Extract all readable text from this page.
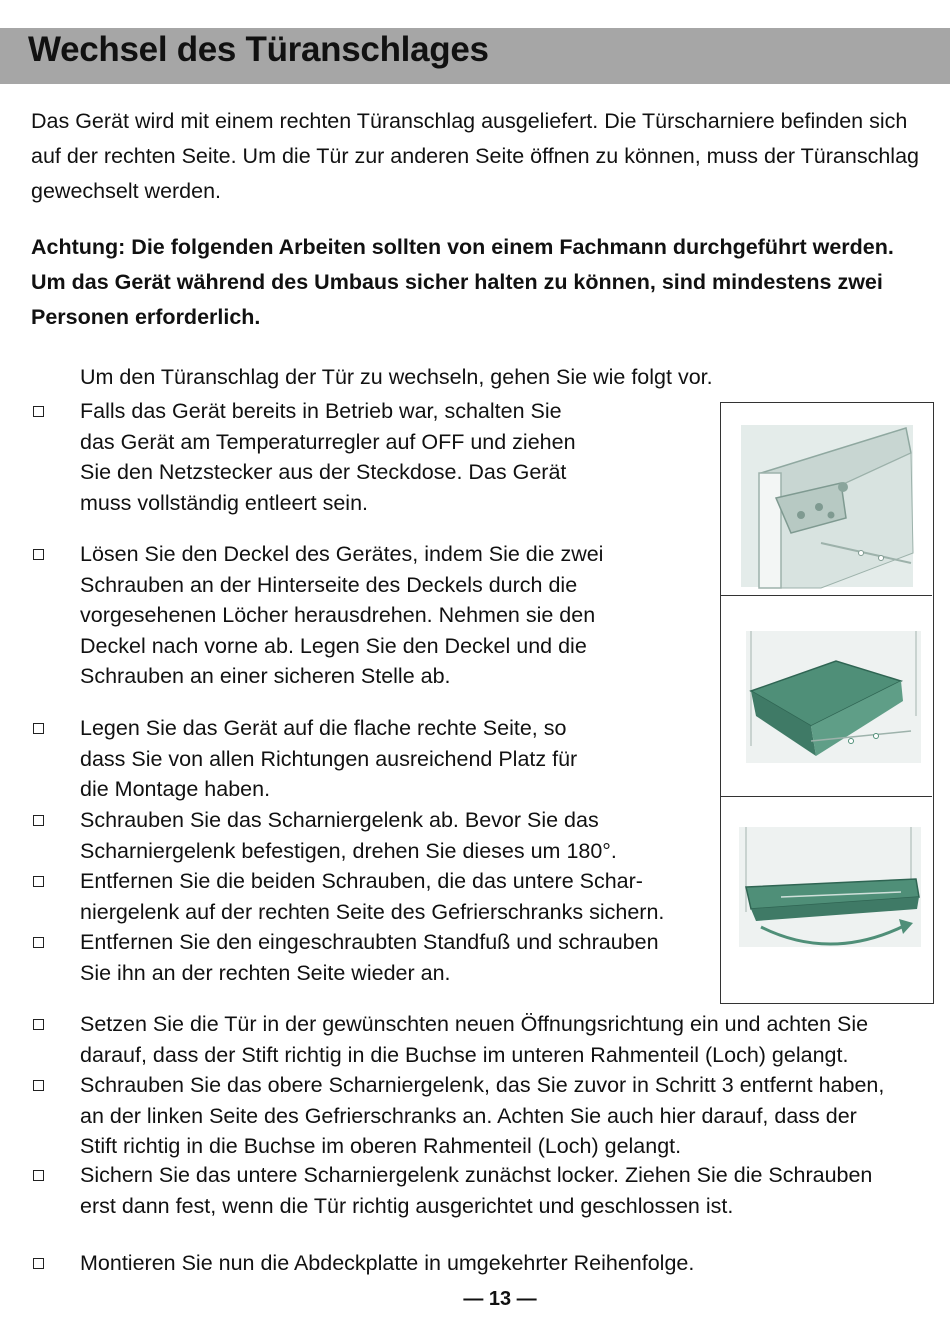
Wechsel des Türanschlages

Das Gerät wird mit einem rechten Türanschlag ausgeliefert. Die Türscharniere befinden sich auf der rechten Seite. Um die Tür zur anderen Seite öffnen zu können, muss der Türanschlag gewechselt werden.

Achtung: Die folgenden Arbeiten sollten von einem Fachmann durchgeführt werden. Um das Gerät während des Umbaus sicher halten zu können, sind mindestens zwei Personen erforderlich.

Um den Türanschlag der Tür zu wechseln, gehen Sie wie folgt vor.

Falls das Gerät bereits in Betrieb war, schalten Sie
das Gerät am Temperaturregler auf OFF und ziehen
Sie den Netzstecker aus der Steckdose. Das Gerät
muss vollständig entleert sein.
Lösen Sie den Deckel des Gerätes, indem Sie die zwei
Schrauben an der Hinterseite des Deckels durch die
vorgesehenen Löcher herausdrehen. Nehmen sie den
Deckel nach vorne ab. Legen Sie den Deckel und die
Schrauben an einer sicheren Stelle ab.
Legen Sie das Gerät auf die flache rechte Seite, so
dass Sie von allen Richtungen ausreichend Platz für
die Montage haben.
Schrauben Sie das Scharniergelenk ab. Bevor Sie das
Scharniergelenk befestigen, drehen Sie dieses um 180°.
Entfernen Sie die beiden Schrauben, die das untere Schar-
niergelenk auf der rechten Seite des Gefrierschranks sichern.
Entfernen Sie den eingeschraubten Standfuß und schrauben
Sie ihn an der rechten Seite wieder an.
Setzen Sie die Tür in der gewünschten neuen Öffnungsrichtung ein und achten Sie
darauf, dass der Stift richtig in die Buchse im unteren Rahmenteil (Loch) gelangt.
Schrauben Sie das obere Scharniergelenk, das Sie zuvor in Schritt 3 entfernt haben,
an der linken Seite des Gefrierschranks an. Achten Sie auch hier darauf, dass der
Stift richtig in die Buchse im oberen Rahmenteil (Loch) gelangt.
Sichern Sie das untere Scharniergelenk zunächst locker. Ziehen Sie die Schrauben
erst dann fest, wenn die Tür richtig ausgerichtet und geschlossen ist.
Montieren Sie nun die Abdeckplatte in umgekehrter Reihenfolge.
— 13 —
